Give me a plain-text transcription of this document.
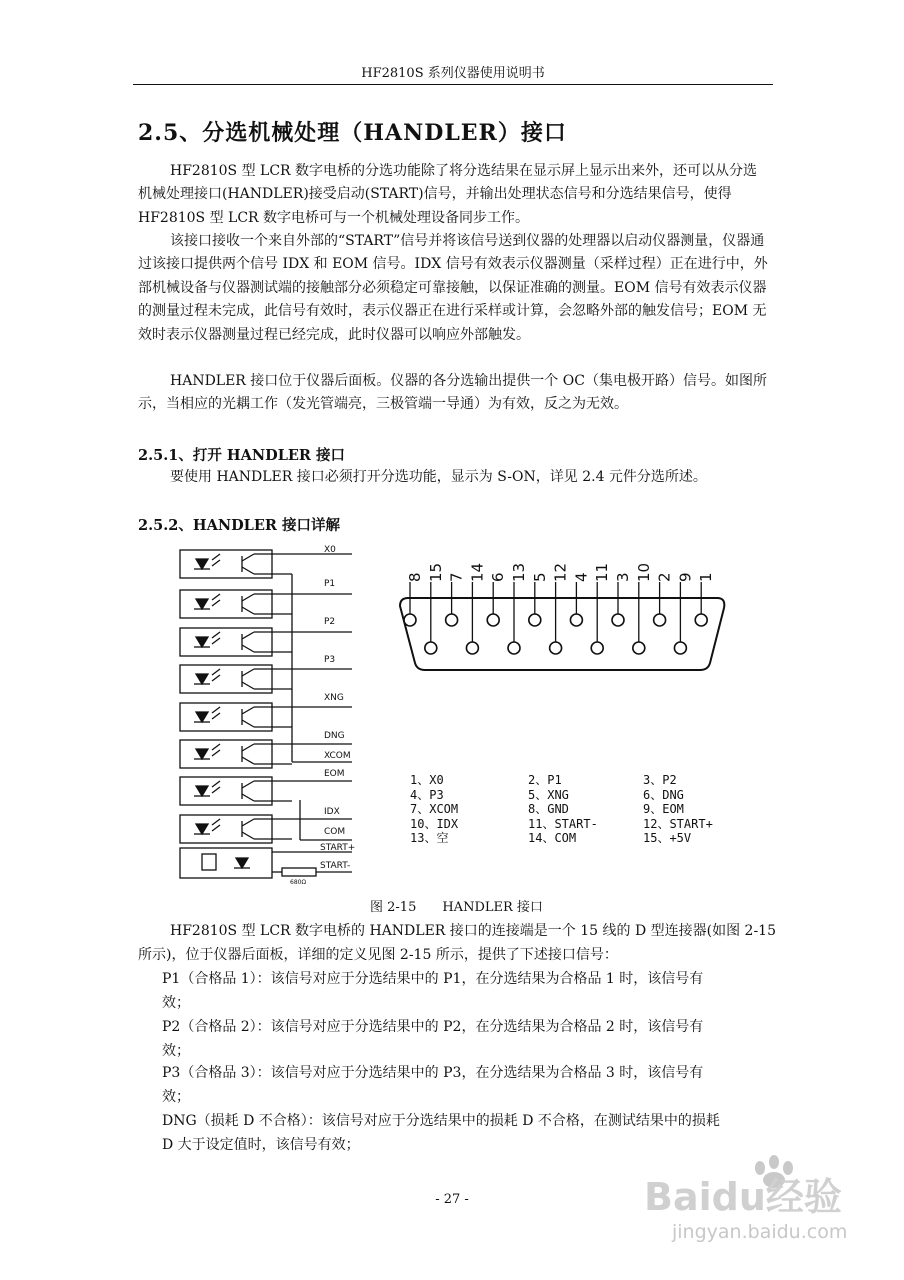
HF2810S 系列仪器使用说明书
2.5、分选机械处理（HANDLER）接口

HF2810S 型 LCR 数字电桥的分选功能除了将分选结果在显示屏上显示出来外，还可以从分选机械处理接口(HANDLER)接受启动(START)信号，并输出处理状态信号和分选结果信号，使得 HF2810S 型 LCR 数字电桥可与一个机械处理设备同步工作。

该接口接收一个来自外部的“START”信号并将该信号送到仪器的处理器以启动仪器测量，仪器通过该接口提供两个信号 IDX 和 EOM 信号。IDX 信号有效表示仪器测量（采样过程）正在进行中，外部机械设备与仪器测试端的接触部分必须稳定可靠接触，以保证准确的测量。EOM 信号有效表示仪器的测量过程未完成，此信号有效时，表示仪器正在进行采样或计算，会忽略外部的触发信号；EOM 无效时表示仪器测量过程已经完成，此时仪器可以响应外部触发。

HANDLER 接口位于仪器后面板。仪器的各分选输出提供一个 OC（集电极开路）信号。如图所示，当相应的光耦工作（发光管端亮，三极管端一导通）为有效，反之为无效。

2.5.1、打开 HANDLER 接口
要使用 HANDLER 接口必须打开分选功能，显示为 S-ON，详见 2.4 元件分选所述。
2.5.2、HANDLER 接口详解
X0
P1
P2
P3
XNG
DNG
XCOM
EOM
IDX
COM
START+
START-
680Ω
8 15 7 14 6 13 5 12 4 11 3 10 2 9 1
1、X0	2、P1	3、P2
4、P3	5、XNG	6、DNG
7、XCOM	8、GND	9、EOM
10、IDX	11、START-	12、START+
13、空	14、COM	15、+5V
图 2-15　　HANDLER 接口
HF2810S 型 LCR 数字电桥的 HANDLER 接口的连接端是一个 15 线的 D 型连接器(如图 2-15
所示)，位于仪器后面板，详细的定义见图 2-15 所示，提供了下述接口信号：
P1（合格品 1）：该信号对应于分选结果中的 P1，在分选结果为合格品 1 时，该信号有
效；
P2（合格品 2）：该信号对应于分选结果中的 P2，在分选结果为合格品 2 时，该信号有
效；
P3（合格品 3）：该信号对应于分选结果中的 P3，在分选结果为合格品 3 时，该信号有
效；
DNG（损耗 D 不合格）：该信号对应于分选结果中的损耗 D 不合格，在测试结果中的损耗
D 大于设定值时，该信号有效；
- 27 -	Baidu经验
jingyan.baidu.com
